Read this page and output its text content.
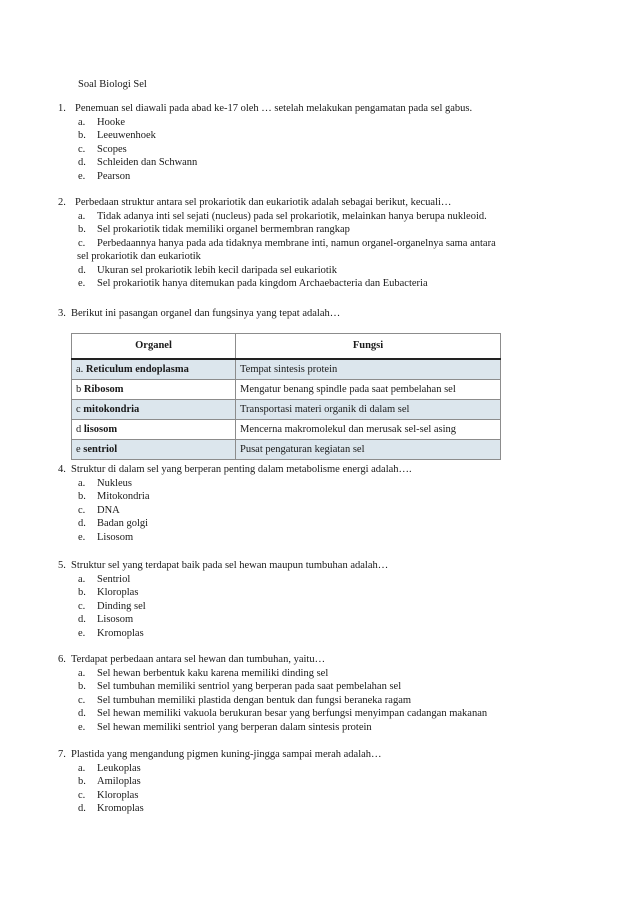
Soal Biologi Sel
1. Penemuan sel diawali pada abad ke-17 oleh … setelah melakukan pengamatan pada sel gabus.
a. Hooke
b. Leeuwenhoek
c. Scopes
d. Schleiden dan Schwann
e. Pearson
2. Perbedaan struktur antara sel prokariotik dan eukariotik adalah sebagai berikut, kecuali…
a. Tidak adanya inti sel sejati (nucleus) pada sel prokariotik, melainkan hanya berupa nukleoid.
b. Sel prokariotik tidak memiliki organel bermembran rangkap
c. Perbedaannya hanya pada ada tidaknya membrane inti, namun organel-organelnya sama antara
sel prokariotik dan eukariotik
d. Ukuran sel prokariotik lebih kecil daripada sel eukariotik
e. Sel prokariotik hanya ditemukan pada kingdom Archaebacteria dan Eubacteria
3. Berikut ini pasangan organel dan fungsinya yang tepat adalah…
Organel	Fungsi
a. Reticulum endoplasma	Tempat sintesis protein
b Ribosom	Mengatur benang spindle pada saat pembelahan sel
c mitokondria	Transportasi materi organik di dalam sel
d lisosom	Mencerna makromolekul dan merusak sel-sel asing
e sentriol	Pusat pengaturan kegiatan sel
4. Struktur di dalam sel yang berperan penting dalam metabolisme energi adalah….
a. Nukleus
b. Mitokondria
c. DNA
d. Badan golgi
e. Lisosom
5. Struktur sel yang terdapat baik pada sel hewan maupun tumbuhan adalah…
a. Sentriol
b. Kloroplas
c. Dinding sel
d. Lisosom
e. Kromoplas
6. Terdapat perbedaan antara sel hewan dan tumbuhan, yaitu…
a. Sel hewan berbentuk kaku karena memiliki dinding sel
b. Sel tumbuhan memiliki sentriol yang berperan pada saat pembelahan sel
c. Sel tumbuhan memiliki plastida dengan bentuk dan fungsi beraneka ragam
d. Sel hewan memiliki vakuola berukuran besar yang berfungsi menyimpan cadangan makanan
e. Sel hewan memiliki sentriol yang berperan dalam sintesis protein
7. Plastida yang mengandung pigmen kuning-jingga sampai merah adalah…
a. Leukoplas
b. Amiloplas
c. Kloroplas
d. Kromoplas
